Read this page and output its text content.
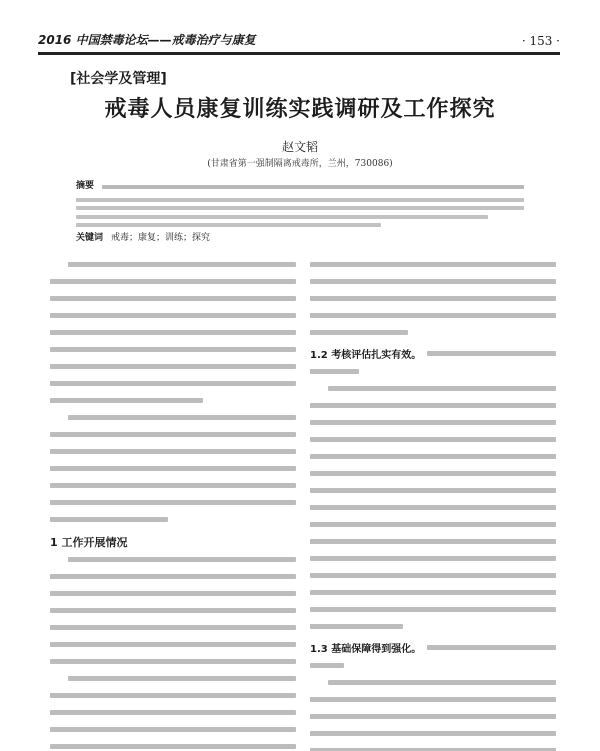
2016 中国禁毒论坛——戒毒治疗与康复	· 153 ·
[社会学及管理]
戒毒人员康复训练实践调研及工作探究
赵文韬
(甘肃省第一强制隔离戒毒所，兰州，730086)
摘要
关键词 戒毒；康复；训练；探究
1 工作开展情况
1.2 考核评估扎实有效。
1.3 基础保障得到强化。
